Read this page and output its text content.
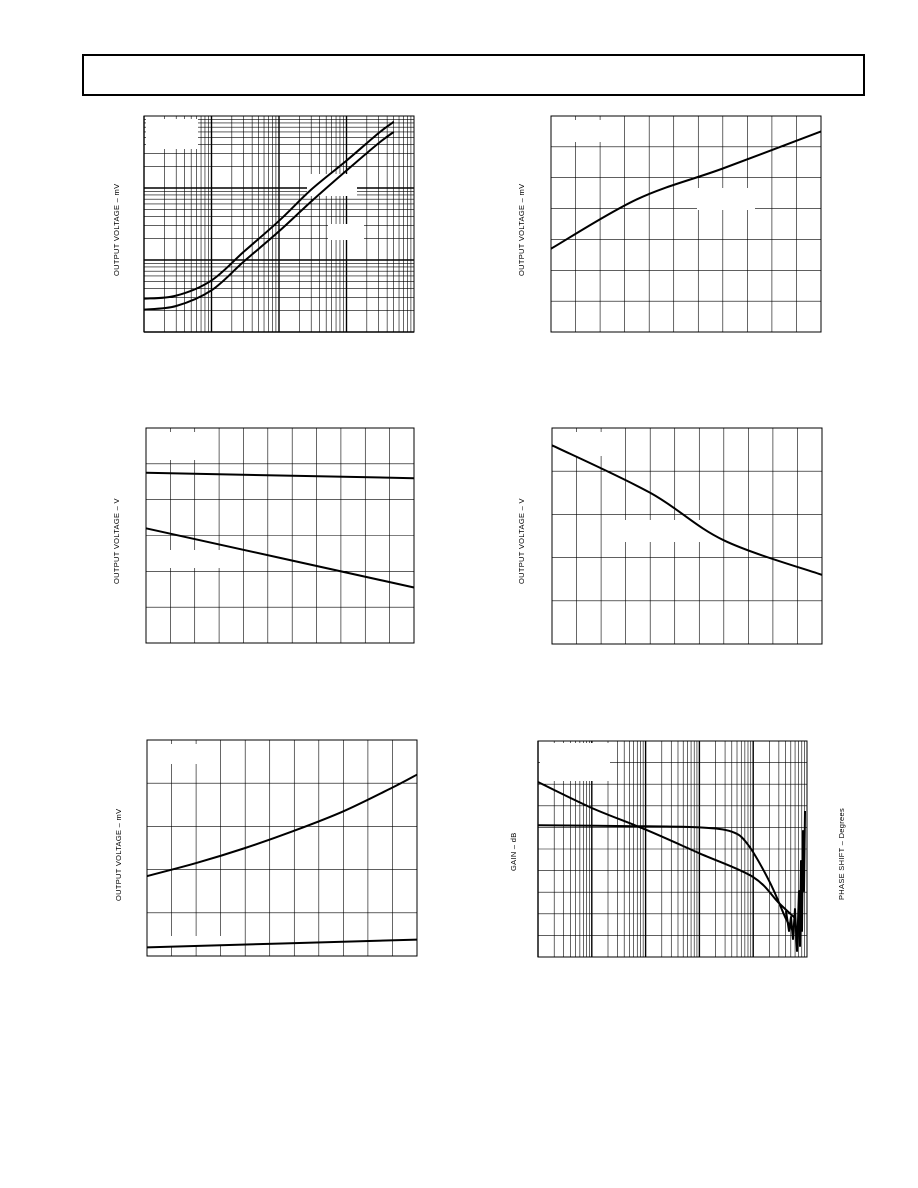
OUTPUT VOLTAGE – mV	OUTPUT VOLTAGE – mV
OUTPUT VOLTAGE – V	OUTPUT VOLTAGE – V
OUTPUT VOLTAGE – mV	GAIN – dB	PHASE SHIFT – Degrees
